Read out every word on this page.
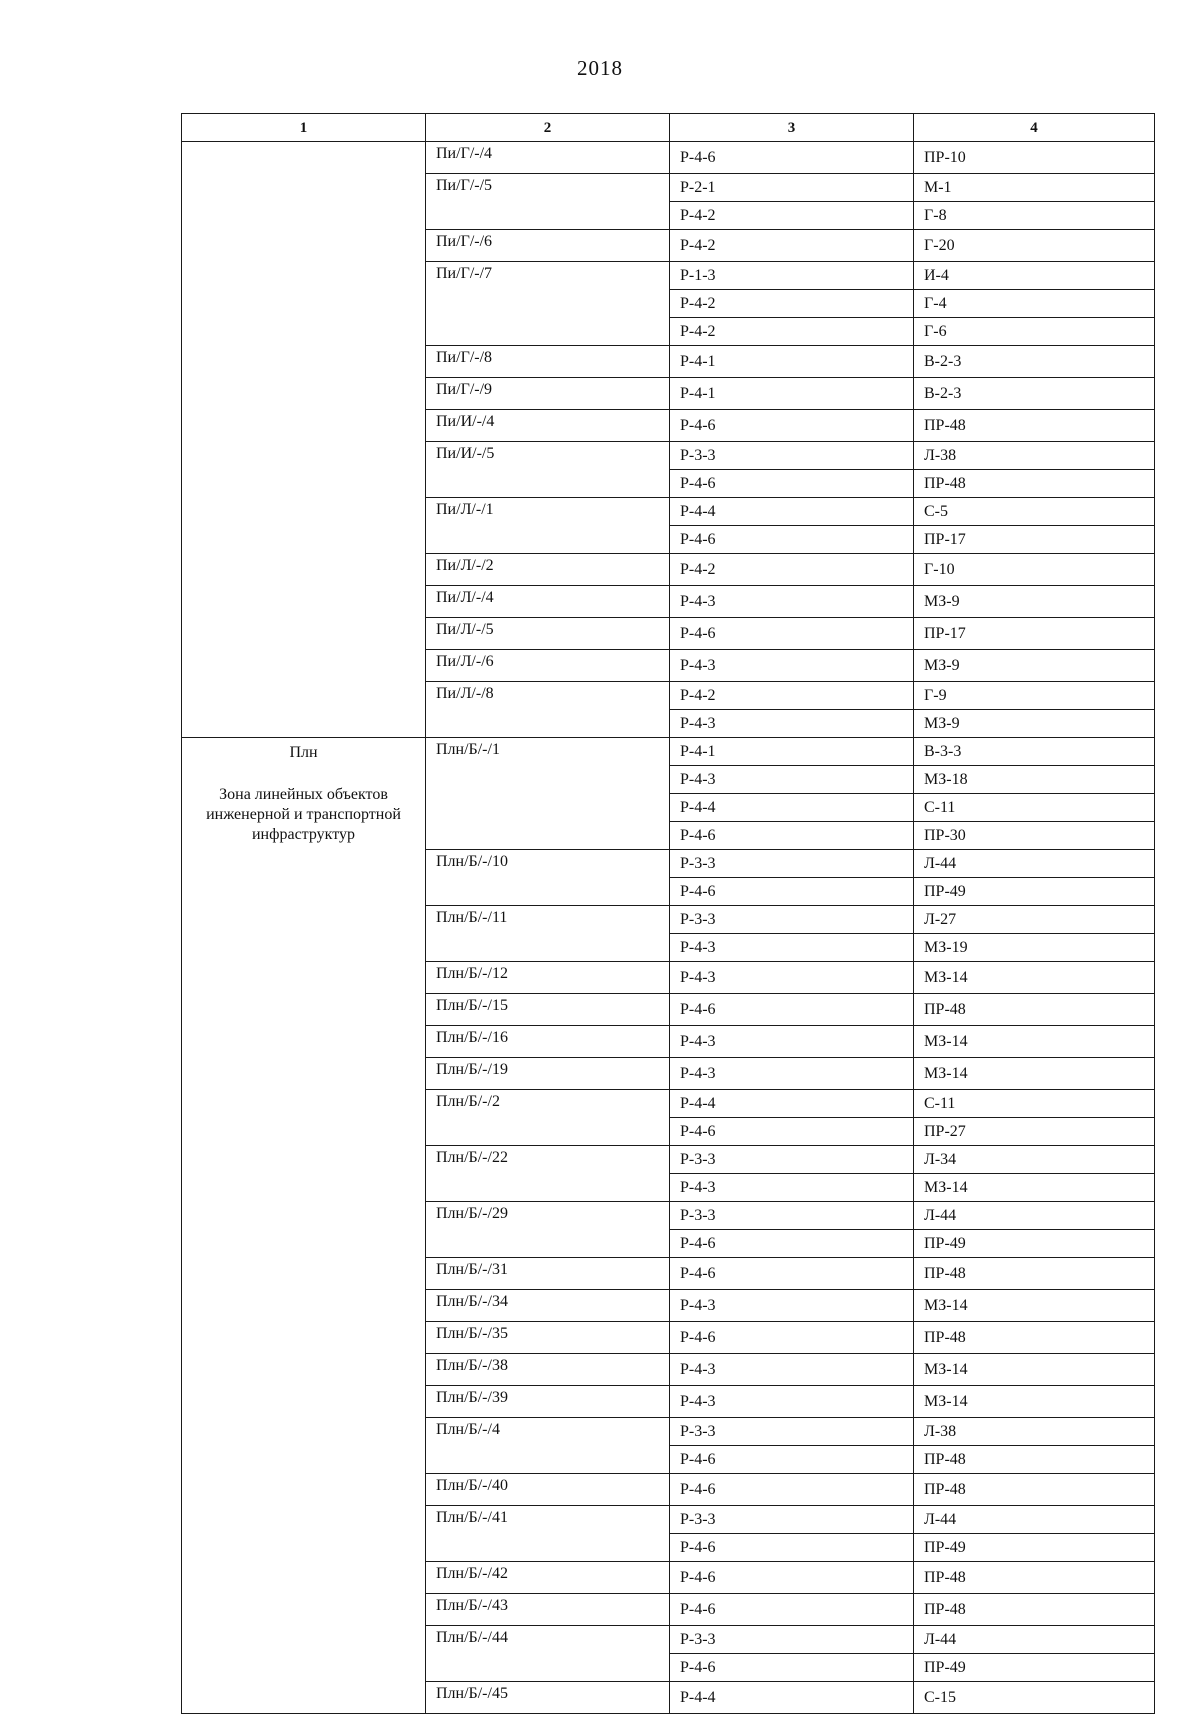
2018
1	2	3	4
	Пи/Г/-/4	Р-4-6	ПР-10
	Пи/Г/-/5	Р-2-1	М-1
		Р-4-2	Г-8
	Пи/Г/-/6	Р-4-2	Г-20
	Пи/Г/-/7	Р-1-3	И-4
		Р-4-2	Г-4
		Р-4-2	Г-6
	Пи/Г/-/8	Р-4-1	В-2-3
	Пи/Г/-/9	Р-4-1	В-2-3
	Пи/И/-/4	Р-4-6	ПР-48
	Пи/И/-/5	Р-3-3	Л-38
		Р-4-6	ПР-48
	Пи/Л/-/1	Р-4-4	С-5
		Р-4-6	ПР-17
	Пи/Л/-/2	Р-4-2	Г-10
	Пи/Л/-/4	Р-4-3	МЗ-9
	Пи/Л/-/5	Р-4-6	ПР-17
	Пи/Л/-/6	Р-4-3	МЗ-9
	Пи/Л/-/8	Р-4-2	Г-9
		Р-4-3	МЗ-9

Плн
Зона линейных объектов инженерной и транспортной инфраструктур	Плн/Б/-/1	Р-4-1	В-3-3
		Р-4-3	МЗ-18
		Р-4-4	С-11
		Р-4-6	ПР-30
	Плн/Б/-/10	Р-3-3	Л-44
		Р-4-6	ПР-49
	Плн/Б/-/11	Р-3-3	Л-27
		Р-4-3	МЗ-19
	Плн/Б/-/12	Р-4-3	МЗ-14
	Плн/Б/-/15	Р-4-6	ПР-48
	Плн/Б/-/16	Р-4-3	МЗ-14
	Плн/Б/-/19	Р-4-3	МЗ-14
	Плн/Б/-/2	Р-4-4	С-11
		Р-4-6	ПР-27
	Плн/Б/-/22	Р-3-3	Л-34
		Р-4-3	МЗ-14
	Плн/Б/-/29	Р-3-3	Л-44
		Р-4-6	ПР-49
	Плн/Б/-/31	Р-4-6	ПР-48
	Плн/Б/-/34	Р-4-3	МЗ-14
	Плн/Б/-/35	Р-4-6	ПР-48
	Плн/Б/-/38	Р-4-3	МЗ-14
	Плн/Б/-/39	Р-4-3	МЗ-14
	Плн/Б/-/4	Р-3-3	Л-38
		Р-4-6	ПР-48
	Плн/Б/-/40	Р-4-6	ПР-48
	Плн/Б/-/41	Р-3-3	Л-44
		Р-4-6	ПР-49
	Плн/Б/-/42	Р-4-6	ПР-48
	Плн/Б/-/43	Р-4-6	ПР-48
	Плн/Б/-/44	Р-3-3	Л-44
		Р-4-6	ПР-49
	Плн/Б/-/45	Р-4-4	С-15
